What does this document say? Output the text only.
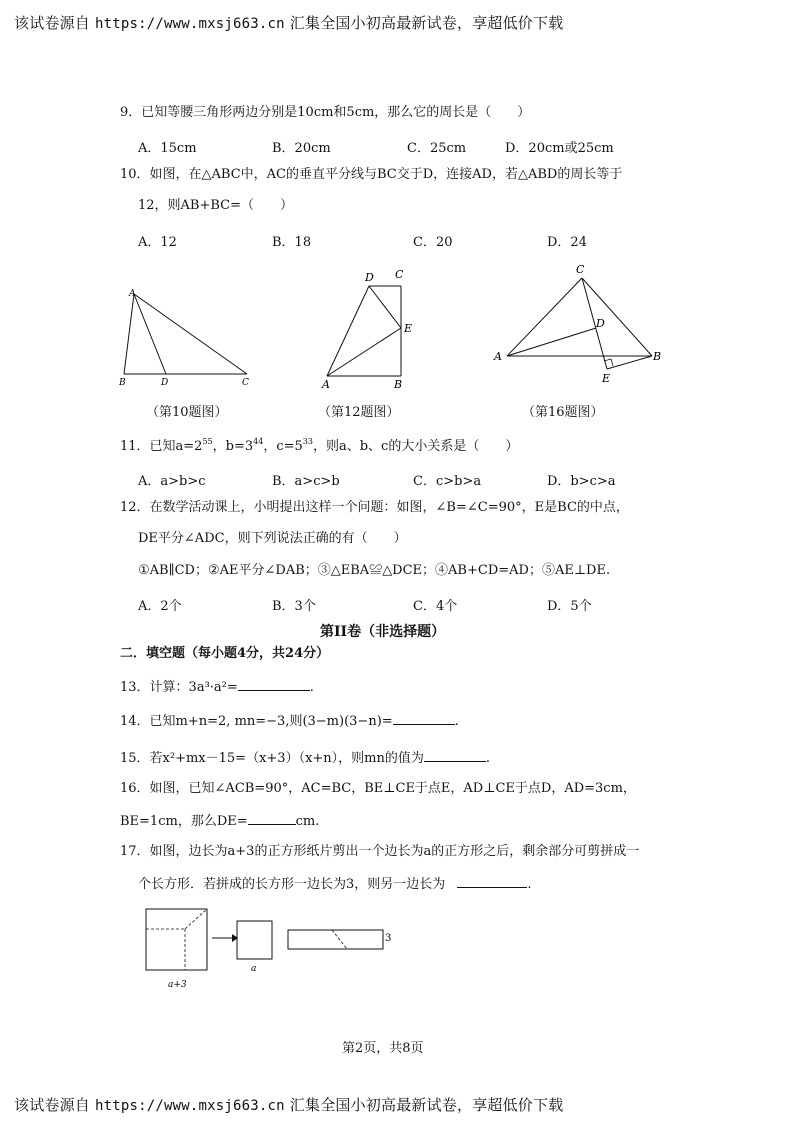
该试卷源自 https://www.mxsj663.cn 汇集全国小初高最新试卷，享超低价下载
9．已知等腰三角形两边分别是10cm和5cm，那么它的周长是（　　）
A．15cm	B．20cm	C．25cm	D．20cm或25cm
10．如图，在△ABC中，AC的垂直平分线与BC交于D，连接AD，若△ABD的周长等于
12，则AB+BC=（　　）
A．12	B．18	C．20	D．24
A
B	D	C
D C
E
A	B
C
D
A	B
E
（第10题图）	（第12题图）	（第16题图）
11．已知$a=2^{55}$，$b=3^{44}$，$c=5^{33}$，则a、b、c的大小关系是（　　）
A．a>b>c	B．a>c>b	C．c>b>a	D．b>c>a
12．在数学活动课上，小明提出这样一个问题：如图，∠B=∠C=90°，E是BC的中点，
DE平分∠ADC，则下列说法正确的有（　　）
①AB∥CD；②AE平分∠DAB；③△EBA≌△DCE；④AB+CD=AD；⑤AE⊥DE.
A．2个	B．3个	C．4个	D．5个
第II卷（非选择题）
二．填空题（每小题4分，共24分）
13．计算：3a³·a²=	.
14．已知m+n=2, mn=−3,则(3−m)(3−n)=	.
15．若x²+mx－15=（x+3）（x+n），则mn的值为	.
16．如图，已知∠ACB=90°，AC=BC，BE⊥CE于点E，AD⊥CE于点D，AD=3cm，
BE=1cm，那么DE=	cm.
17．如图，边长为a+3的正方形纸片剪出一个边长为a的正方形之后，剩余部分可剪拼成一
个长方形．若拼成的长方形一边长为3，则另一边长为	.
a+3
a
3
第2页，共8页
该试卷源自 https://www.mxsj663.cn 汇集全国小初高最新试卷，享超低价下载
